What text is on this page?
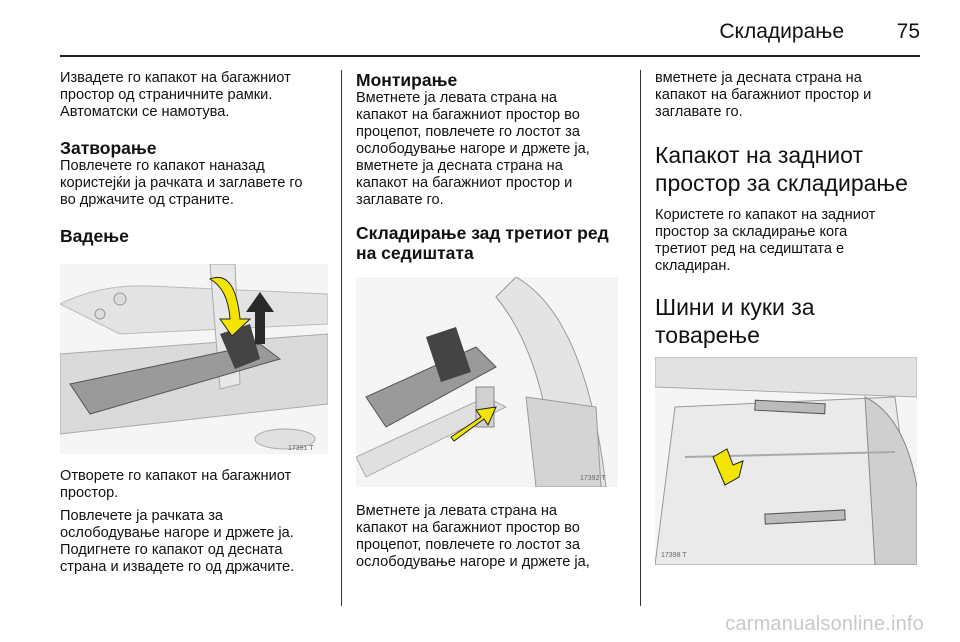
Складирање	75
Извадете го капакот на багажниот
простор од страничните рамки.
Автоматски се намотува.
Затворање
Повлечете го капакот наназад
користејќи ја рачката и заглавете го
во држачите од страните.
Вадење
17391 T
Отворете го капакот на багажниот
простор.
Повлечете ја рачката за
ослободување нагоре и држете ја.
Подигнете го капакот од десната
страна и извадете го од држачите.
Монтирање
Вметнете ја левата страна на
капакот на багажниот простор во
процепот, повлечете го лостот за
ослободување нагоре и држете ја,
вметнете ја десната страна на
капакот на багажниот простор и
заглавате го.
Складирање зад третиот ред
на седиштата
17392 T
Вметнете ја левата страна на
капакот на багажниот простор во
процепот, повлечете го лостот за
ослободување нагоре и држете ја,
вметнете ја десната страна на
капакот на багажниот простор и
заглавате го.
Капакот на задниот
простор за складирање
Користете го капакот на задниот
простор за складирање кога
третиот ред на седиштата е
складиран.
Шини и куки за товарење
17398 T
carmanualsonline.info
